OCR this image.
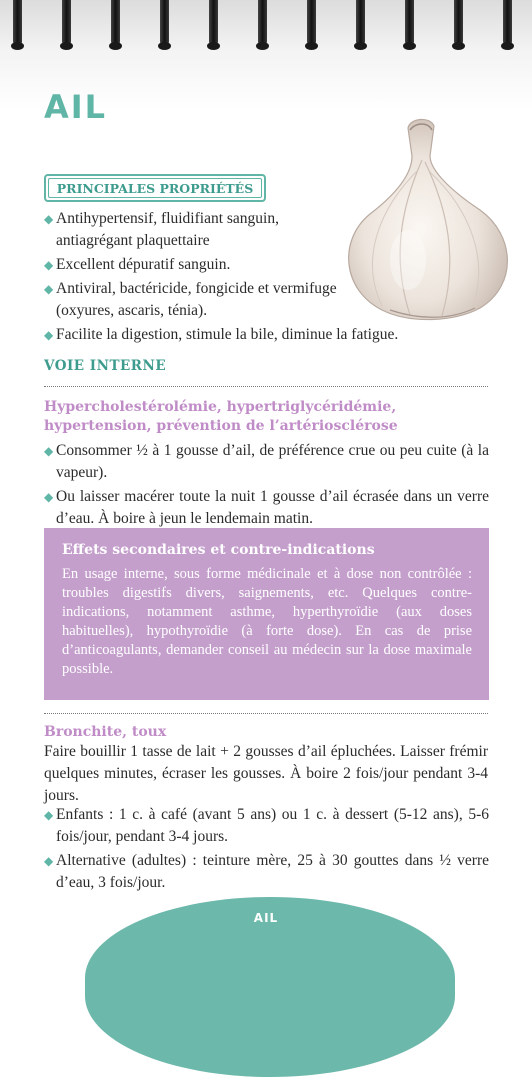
AIL
PRINCIPALES PROPRIÉTÉS
◆ Antihypertensif, fluidifiant sanguin, antiagrégant plaquettaire
◆ Excellent dépuratif sanguin.
◆ Antiviral, bactéricide, fongicide et vermifuge (oxyures, ascaris, ténia).
◆ Facilite la digestion, stimule la bile, diminue la fatigue.
VOIE INTERNE
Hypercholestérolémie, hypertriglycéridémie, hypertension, prévention de l’artériosclérose
◆ Consommer ½ à 1 gousse d’ail, de préférence crue ou peu cuite (à la vapeur).
◆ Ou laisser macérer toute la nuit 1 gousse d’ail écrasée dans un verre d’eau. À boire à jeun le lendemain matin.

Effets secondaires et contre-indications

En usage interne, sous forme médicinale et à dose non contrôlée : troubles digestifs divers, saignements, etc. Quelques contre-indications, notamment asthme, hyperthyroïdie (aux doses habituelles), hypothyroïdie (à forte dose). En cas de prise d’anticoagulants, demander conseil au médecin sur la dose maximale possible.

Bronchite, toux
Faire bouillir 1 tasse de lait + 2 gousses d’ail épluchées. Laisser frémir quelques minutes, écraser les gousses. À boire 2 fois/jour pendant 3-4 jours.
◆ Enfants : 1 c. à café (avant 5 ans) ou 1 c. à dessert (5-12 ans), 5-6 fois/jour, pendant 3-4 jours.
◆ Alternative (adultes) : teinture mère, 25 à 30 gouttes dans ½ verre d’eau, 3 fois/jour.
AIL
